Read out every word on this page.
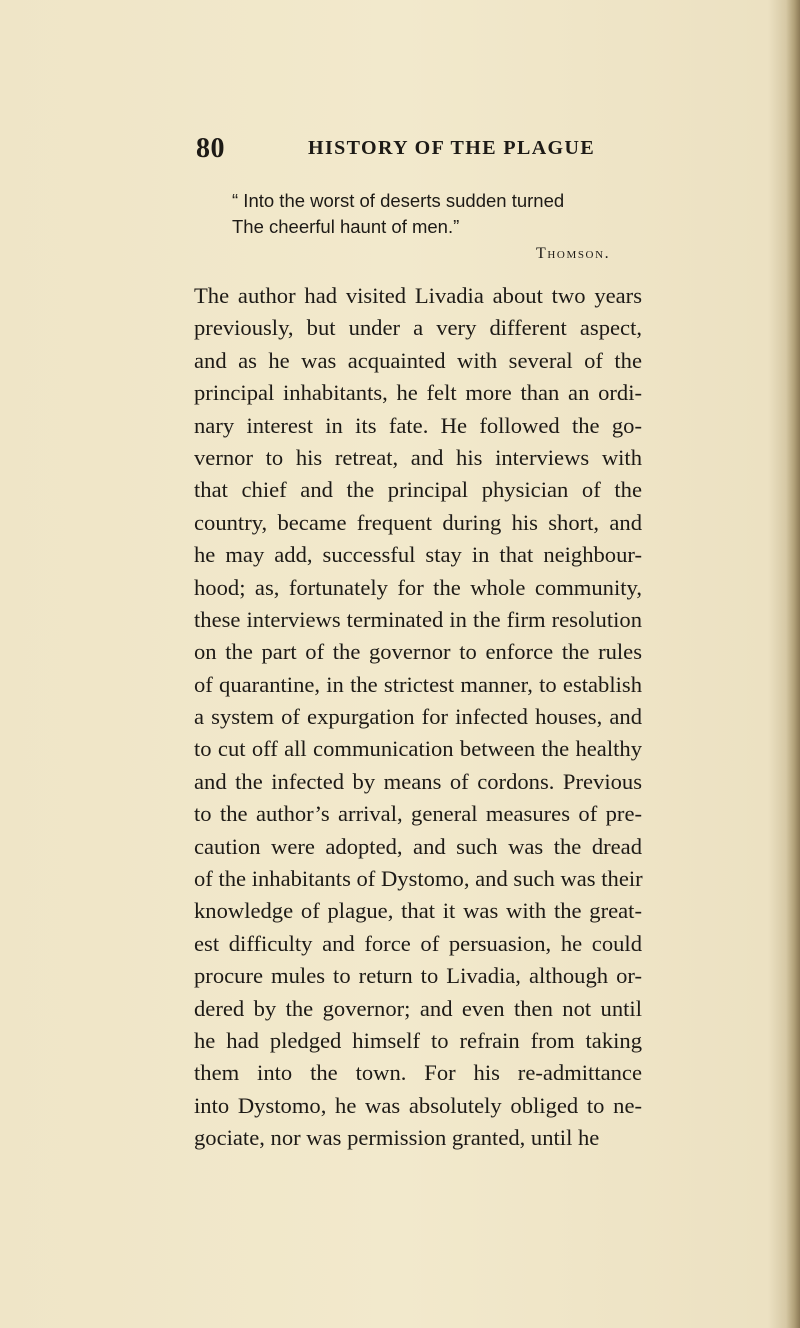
80	HISTORY OF THE PLAGUE
“ Into the worst of deserts sudden turned
The cheerful haunt of men.”
Thomson.
The author had visited Livadia about two years
previously, but under a very different aspect,
and as he was acquainted with several of the
principal inhabitants, he felt more than an ordi-
nary interest in its fate. He followed the go-
vernor to his retreat, and his interviews with
that chief and the principal physician of the
country, became frequent during his short, and
he may add, successful stay in that neighbour-
hood; as, fortunately for the whole community,
these interviews terminated in the firm resolution
on the part of the governor to enforce the rules
of quarantine, in the strictest manner, to establish
a system of expurgation for infected houses, and
to cut off all communication between the healthy
and the infected by means of cordons. Previous
to the author’s arrival, general measures of pre-
caution were adopted, and such was the dread
of the inhabitants of Dystomo, and such was their
knowledge of plague, that it was with the great-
est difficulty and force of persuasion, he could
procure mules to return to Livadia, although or-
dered by the governor; and even then not until
he had pledged himself to refrain from taking
them into the town. For his re-admittance
into Dystomo, he was absolutely obliged to ne-
gociate, nor was permission granted, until he
